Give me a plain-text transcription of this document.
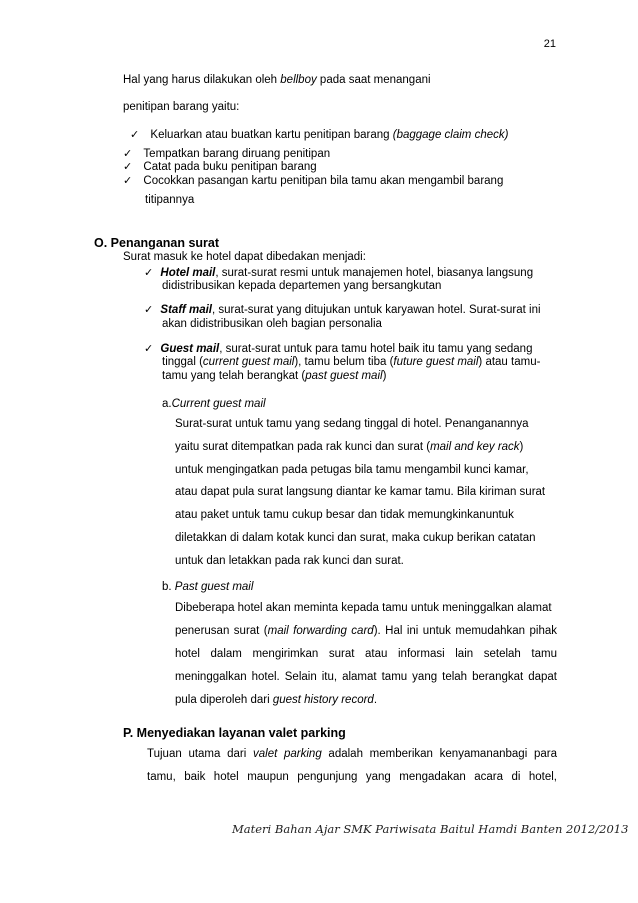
21
Hal yang harus dilakukan oleh bellboy pada saat menangani
penitipan barang yaitu:
✓ Keluarkan atau buatkan kartu penitipan barang (baggage claim check)
✓ Tempatkan barang diruang penitipan
✓ Catat pada buku penitipan barang
✓ Cocokkan pasangan kartu penitipan bila tamu akan mengambil barang
titipannya
O. Penanganan surat
Surat masuk ke hotel dapat dibedakan menjadi:
✓ Hotel mail, surat-surat resmi untuk manajemen hotel, biasanya langsung
didistribusikan kepada departemen yang bersangkutan
✓ Staff mail, surat-surat yang ditujukan untuk karyawan hotel. Surat-surat ini
akan didistribusikan oleh bagian personalia
✓ Guest mail, surat-surat untuk para tamu hotel baik itu tamu yang sedang
tinggal (current guest mail), tamu belum tiba (future guest mail) atau tamu-
tamu yang telah berangkat (past guest mail)
a.Current guest mail
Surat-surat untuk tamu yang sedang tinggal di hotel. Penanganannya
yaitu surat ditempatkan pada rak kunci dan surat (mail and key rack)
untuk mengingatkan pada petugas bila tamu mengambil kunci kamar,
atau dapat pula surat langsung diantar ke kamar tamu. Bila kiriman surat
atau paket untuk tamu cukup besar dan tidak memungkinkanuntuk
diletakkan di dalam kotak kunci dan surat, maka cukup berikan catatan
untuk dan letakkan pada rak kunci dan surat.
b. Past guest mail
Dibeberapa hotel akan meminta kepada tamu untuk meninggalkan alamat
penerusan surat (mail forwarding card). Hal ini untuk memudahkan pihak
hotel dalam mengirimkan surat atau informasi lain setelah tamu
meninggalkan hotel. Selain itu, alamat tamu yang telah berangkat dapat
pula diperoleh dari guest history record.
P. Menyediakan layanan valet parking
Tujuan utama dari valet parking adalah memberikan kenyamananbagi para
tamu, baik hotel maupun pengunjung yang mengadakan acara di hotel,
Materi Bahan Ajar SMK Pariwisata Baitul Hamdi Banten 2012/2013
